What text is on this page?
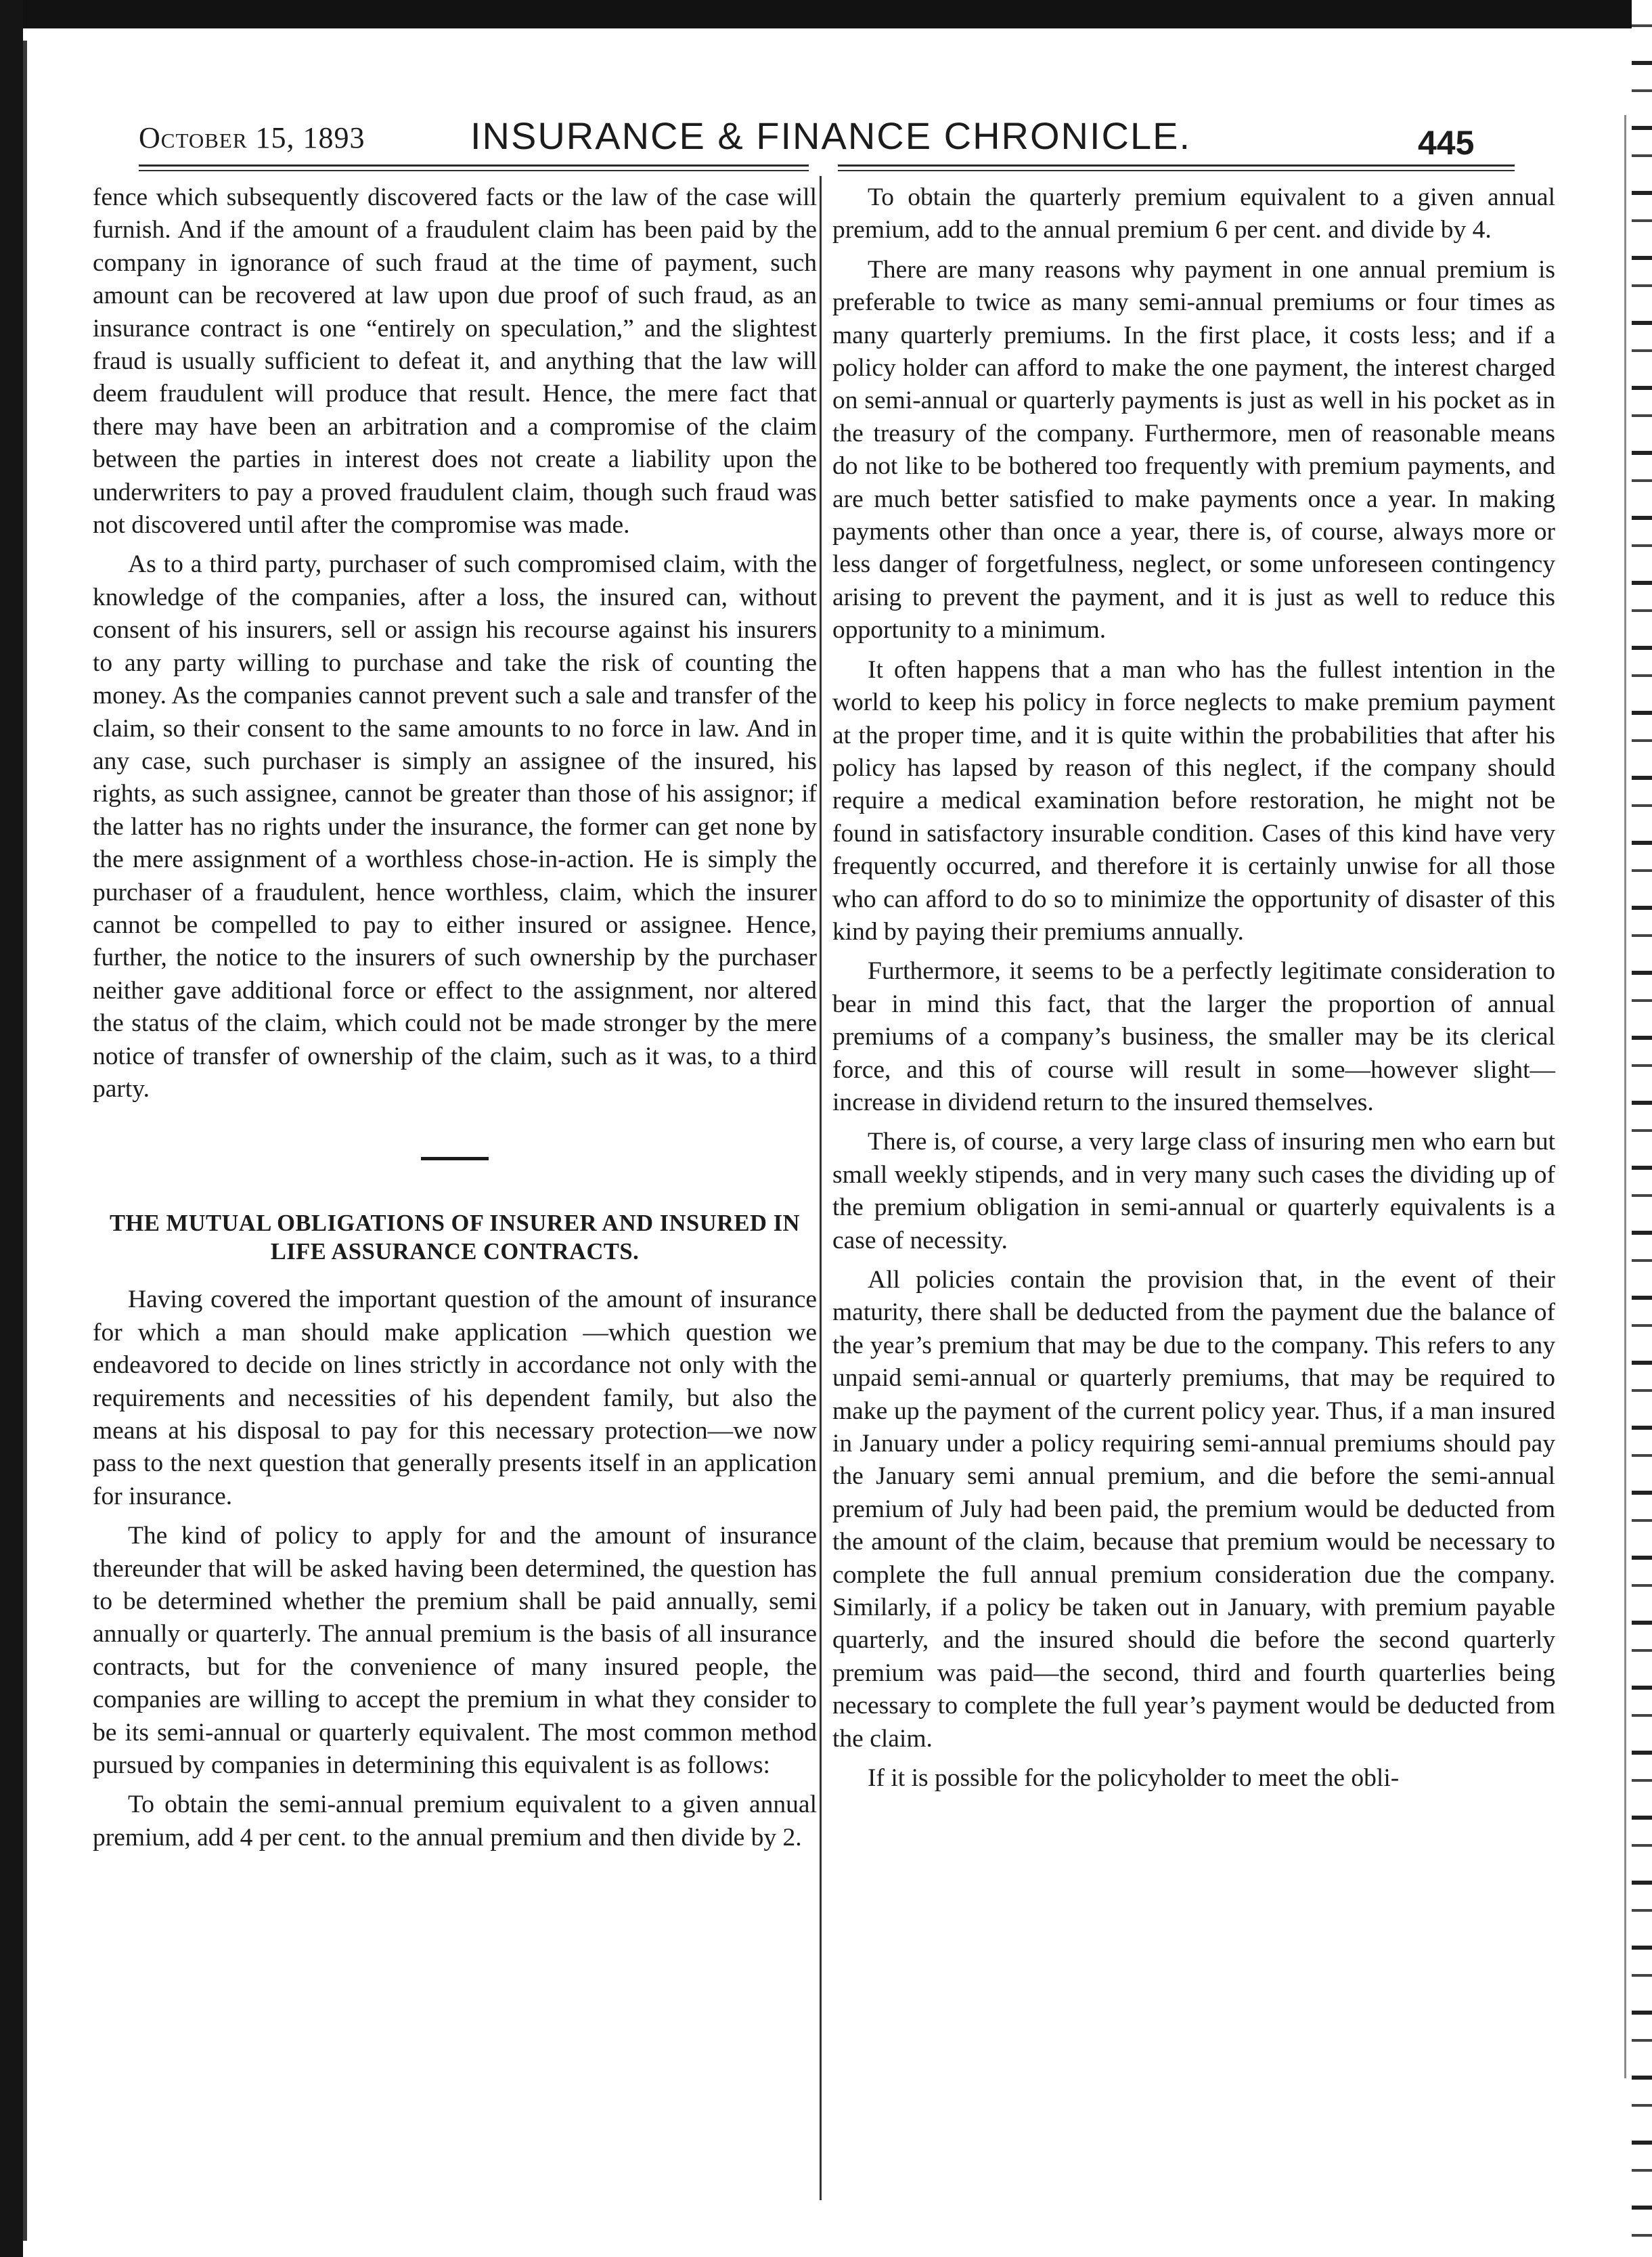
October 15, 1893	INSURANCE & FINANCE CHRONICLE.	445

fence which subsequently discovered facts or the law of the case will furnish. And if the amount of a fraudulent claim has been paid by the company in ignorance of such fraud at the time of payment, such amount can be recovered at law upon due proof of such fraud, as an insurance contract is one “entirely on speculation,” and the slightest fraud is usually sufficient to defeat it, and anything that the law will deem fraudulent will produce that result. Hence, the mere fact that there may have been an arbitration and a compromise of the claim between the parties in interest does not create a liability upon the underwriters to pay a proved fraudulent claim, though such fraud was not discovered until after the compromise was made.

As to a third party, purchaser of such compromised claim, with the knowledge of the companies, after a loss, the insured can, without consent of his insurers, sell or assign his recourse against his insurers to any party willing to purchase and take the risk of counting the money. As the companies cannot prevent such a sale and transfer of the claim, so their consent to the same amounts to no force in law. And in any case, such purchaser is simply an assignee of the insured, his rights, as such assignee, cannot be greater than those of his assignor; if the latter has no rights under the insurance, the former can get none by the mere assignment of a worthless chose-in-action. He is simply the purchaser of a fraudulent, hence worthless, claim, which the insurer cannot be compelled to pay to either insured or assignee. Hence, further, the notice to the insurers of such ownership by the purchaser neither gave additional force or effect to the assignment, nor altered the status of the claim, which could not be made stronger by the mere notice of transfer of ownership of the claim, such as it was, to a third party.

THE MUTUAL OBLIGATIONS OF INSURER AND INSURED IN LIFE ASSURANCE CONTRACTS.

Having covered the important question of the amount of insurance for which a man should make application —which question we endeavored to decide on lines strictly in accordance not only with the requirements and necessities of his dependent family, but also the means at his disposal to pay for this necessary protection—we now pass to the next question that generally presents itself in an application for insurance.

The kind of policy to apply for and the amount of insurance thereunder that will be asked having been determined, the question has to be determined whether the premium shall be paid annually, semi annually or quarterly. The annual premium is the basis of all insurance contracts, but for the convenience of many insured people, the companies are willing to accept the premium in what they consider to be its semi-annual or quarterly equivalent. The most common method pursued by companies in determining this equivalent is as follows:

To obtain the semi-annual premium equivalent to a given annual premium, add 4 per cent. to the annual premium and then divide by 2.

To obtain the quarterly premium equivalent to a given annual premium, add to the annual premium 6 per cent. and divide by 4.

There are many reasons why payment in one annual premium is preferable to twice as many semi-annual premiums or four times as many quarterly premiums. In the first place, it costs less; and if a policy holder can afford to make the one payment, the interest charged on semi-annual or quarterly payments is just as well in his pocket as in the treasury of the company. Furthermore, men of reasonable means do not like to be bothered too frequently with premium payments, and are much better satisfied to make payments once a year. In making payments other than once a year, there is, of course, always more or less danger of forgetfulness, neglect, or some unforeseen contingency arising to prevent the payment, and it is just as well to reduce this opportunity to a minimum.

It often happens that a man who has the fullest intention in the world to keep his policy in force neglects to make premium payment at the proper time, and it is quite within the probabilities that after his policy has lapsed by reason of this neglect, if the company should require a medical examination before restoration, he might not be found in satisfactory insurable condition. Cases of this kind have very frequently occurred, and therefore it is certainly unwise for all those who can afford to do so to minimize the opportunity of disaster of this kind by paying their premiums annually.

Furthermore, it seems to be a perfectly legitimate consideration to bear in mind this fact, that the larger the proportion of annual premiums of a company’s business, the smaller may be its clerical force, and this of course will result in some—however slight—increase in dividend return to the insured themselves.

There is, of course, a very large class of insuring men who earn but small weekly stipends, and in very many such cases the dividing up of the premium obligation in semi-annual or quarterly equivalents is a case of necessity.

All policies contain the provision that, in the event of their maturity, there shall be deducted from the payment due the balance of the year’s premium that may be due to the company. This refers to any unpaid semi-annual or quarterly premiums, that may be required to make up the payment of the current policy year. Thus, if a man insured in January under a policy requiring semi-annual premiums should pay the January semi annual premium, and die before the semi-annual premium of July had been paid, the premium would be deducted from the amount of the claim, because that premium would be necessary to complete the full annual premium consideration due the company. Similarly, if a policy be taken out in January, with premium payable quarterly, and the insured should die before the second quarterly premium was paid—the second, third and fourth quarterlies being necessary to complete the full year’s payment would be deducted from the claim.

If it is possible for the policyholder to meet the obli-
